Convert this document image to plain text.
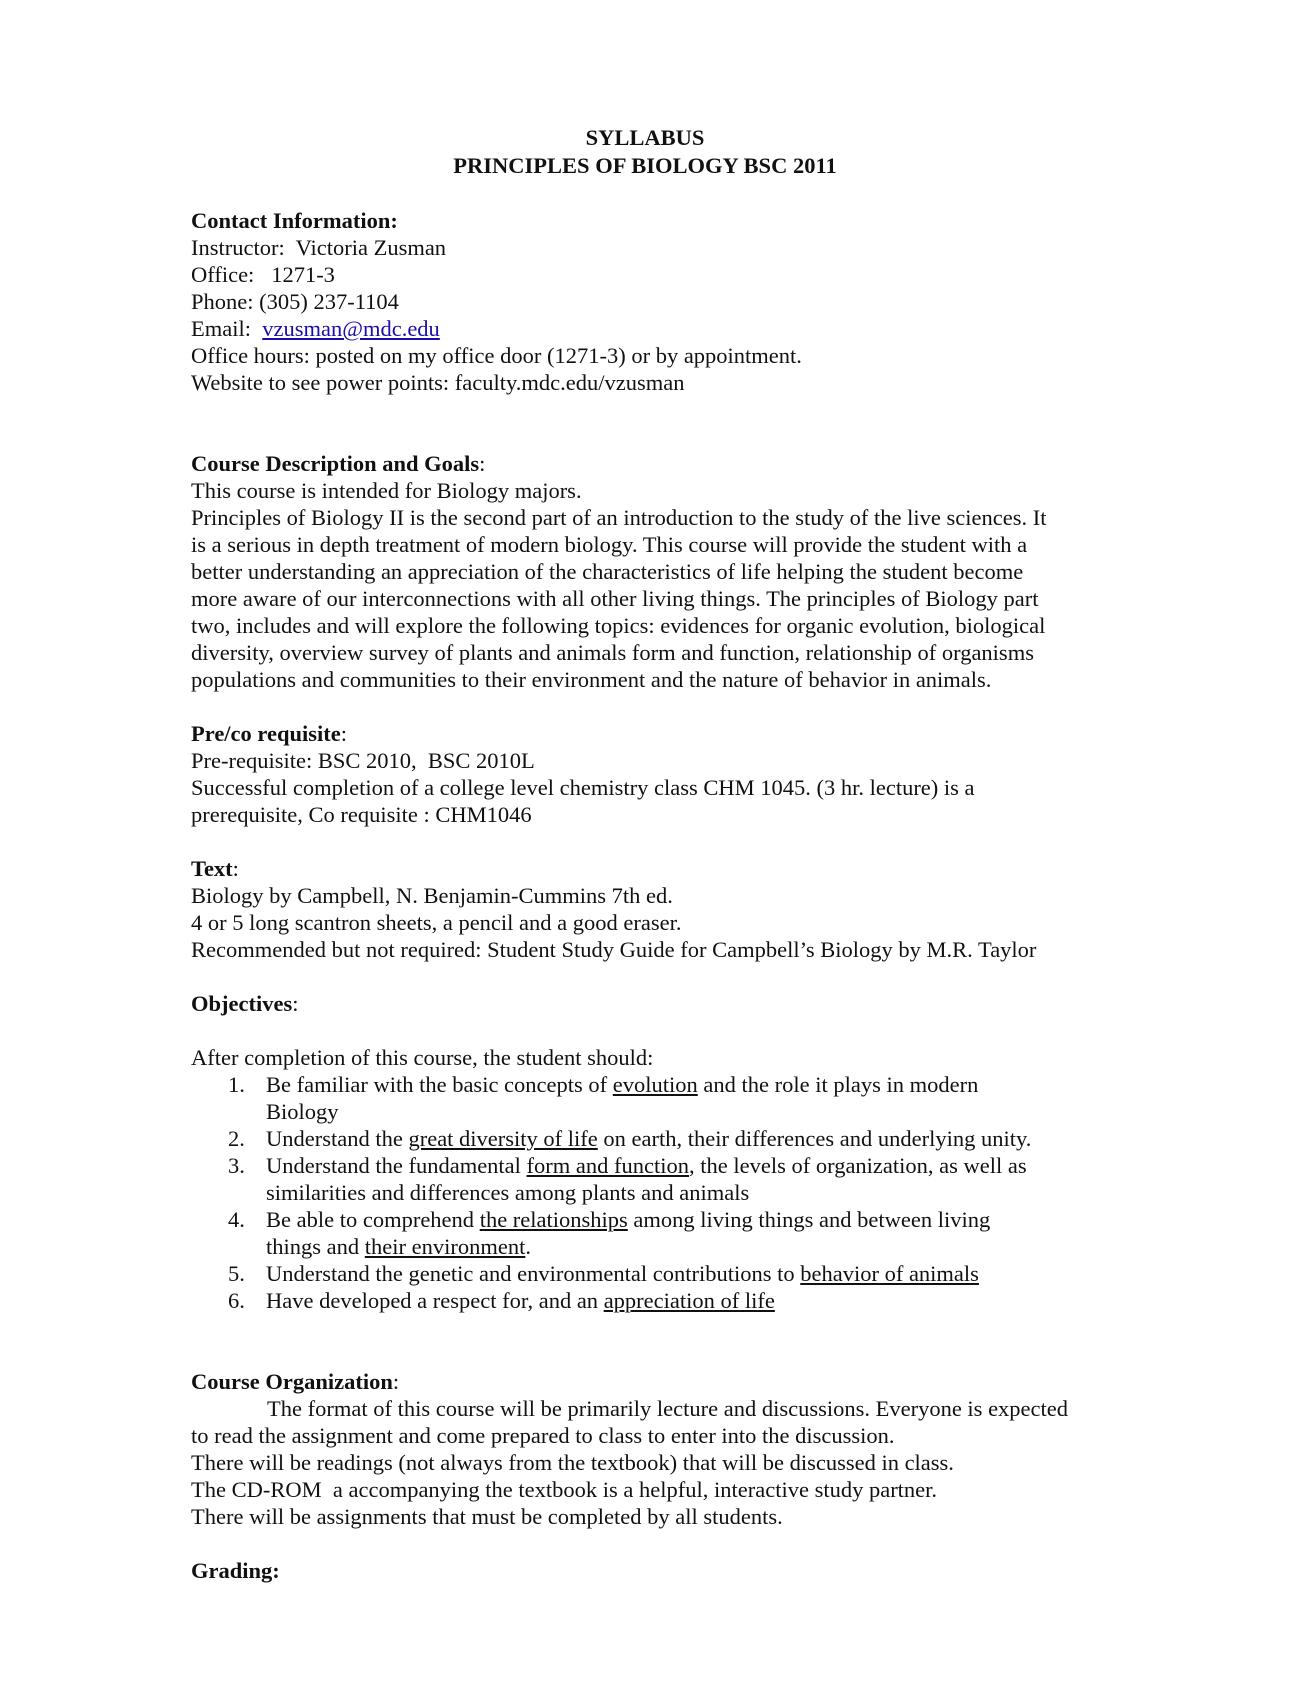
SYLLABUS
PRINCIPLES OF BIOLOGY BSC 2011
Contact Information:
Instructor: Victoria Zusman
Office: 1271-3
Phone: (305) 237-1104
Email: vzusman@mdc.edu
Office hours: posted on my office door (1271-3) or by appointment.
Website to see power points: faculty.mdc.edu/vzusman
Course Description and Goals:
This course is intended for Biology majors.
Principles of Biology II is the second part of an introduction to the study of the live sciences. It is a serious in depth treatment of modern biology. This course will provide the student with a better understanding an appreciation of the characteristics of life helping the student become more aware of our interconnections with all other living things. The principles of Biology part two, includes and will explore the following topics: evidences for organic evolution, biological diversity, overview survey of plants and animals form and function, relationship of organisms populations and communities to their environment and the nature of behavior in animals.
Pre/co requisite:
Pre-requisite: BSC 2010,  BSC 2010L
Successful completion of a college level chemistry class CHM 1045. (3 hr. lecture) is a prerequisite, Co requisite : CHM1046
Text:
Biology by Campbell, N. Benjamin-Cummins 7th ed.
4 or 5 long scantron sheets, a pencil and a good eraser.
Recommended but not required: Student Study Guide for Campbell’s Biology by M.R. Taylor
Objectives:
After completion of this course, the student should:
1. Be familiar with the basic concepts of evolution and the role it plays in modern Biology
2. Understand the great diversity of life on earth, their differences and underlying unity.
3. Understand the fundamental form and function, the levels of organization, as well as similarities and differences among plants and animals
4. Be able to comprehend the relationships among living things and between living things and their environment.
5. Understand the genetic and environmental contributions to behavior of animals
6. Have developed a respect for, and an appreciation of life
Course Organization:
The format of this course will be primarily lecture and discussions. Everyone is expected to read the assignment and come prepared to class to enter into the discussion.
There will be readings (not always from the textbook) that will be discussed in class.
The CD-ROM  a accompanying the textbook is a helpful, interactive study partner.
There will be assignments that must be completed by all students.
Grading:
